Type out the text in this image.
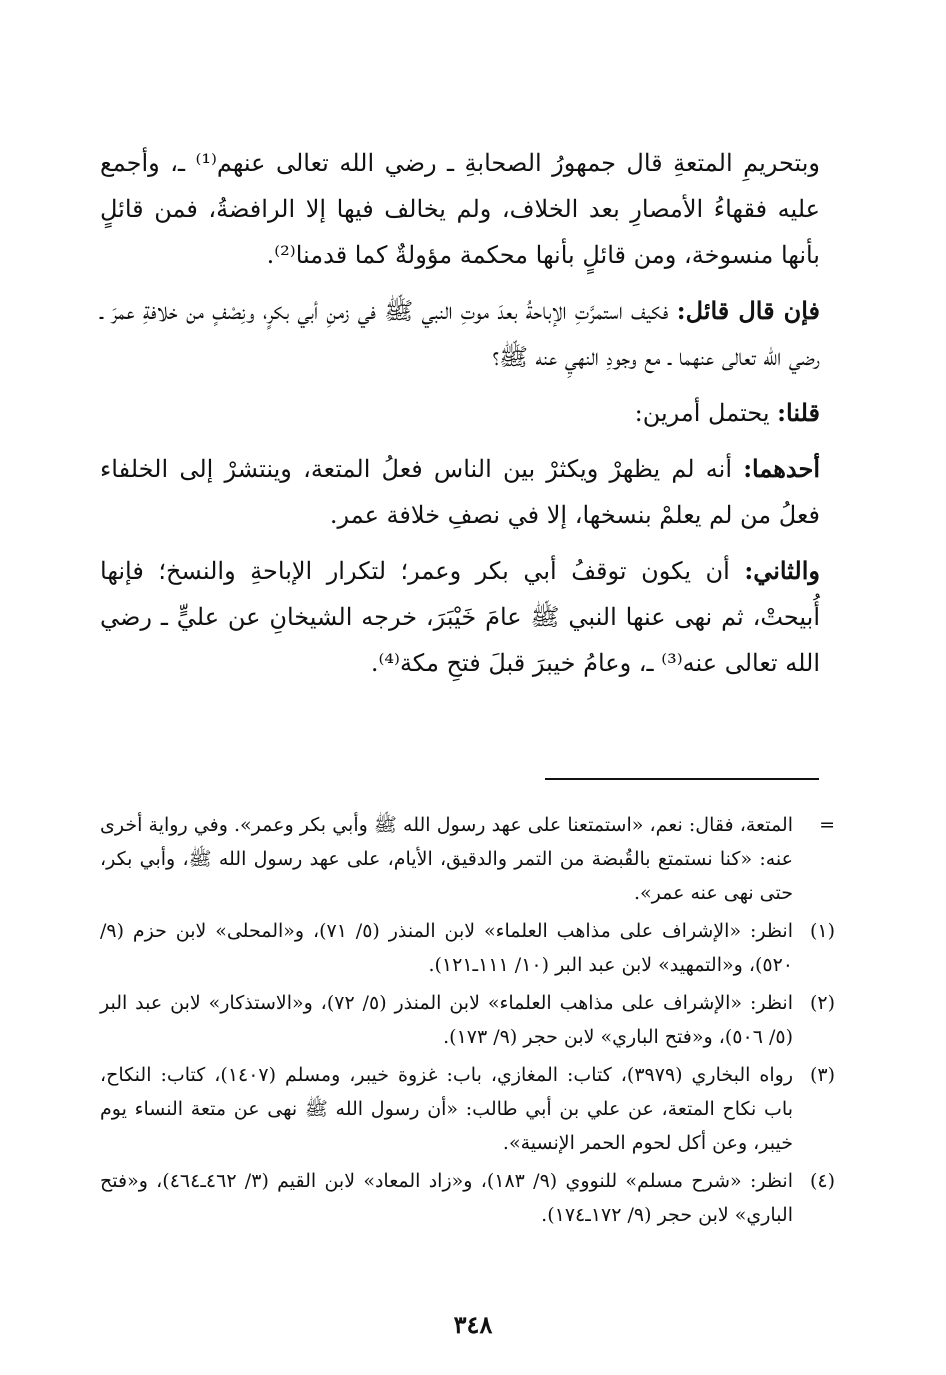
وبتحريمِ المتعةِ قال جمهورُ الصحابةِ ـ رضي الله تعالى عنهم⁽¹⁾ ـ، وأجمع عليه فقهاءُ الأمصارِ بعد الخلاف، ولم يخالف فيها إلا الرافضةُ، فمن قائلٍ بأنها منسوخة، ومن قائلٍ بأنها محكمة مؤولةٌ كما قدمنا⁽²⁾.

فإن قال قائل: فكيف استمرَّتِ الإباحةُ بعدَ موتِ النبي ﷺ في زمنِ أبي بكرٍ، ونِصْفٍ من خلافةِ عمرَ ـ رضي الله تعالى عنهما ـ مع وجودِ النهيِ عنه ﷺ؟

قلنا: يحتمل أمرين:

أحدهما: أنه لم يظهرْ ويكثرْ بين الناس فعلُ المتعة، وينتشرْ إلى الخلفاء فعلُ من لم يعلمْ بنسخها، إلا في نصفِ خلافة عمر.

والثاني: أن يكون توقفُ أبي بكر وعمر؛ لتكرار الإباحةِ والنسخ؛ فإنها أُبيحتْ، ثم نهى عنها النبي ﷺ عامَ خَيْبَرَ، خرجه الشيخانِ عن عليٍّ ـ رضي الله تعالى عنه⁽³⁾ ـ، وعامُ خيبرَ قبلَ فتحِ مكة⁽⁴⁾.

=
المتعة، فقال: نعم، «استمتعنا على عهد رسول الله ﷺ وأبي بكر وعمر». وفي رواية أخرى عنه: «كنا نستمتع بالقُبضة من التمر والدقيق، الأيام، على عهد رسول الله ﷺ، وأبي بكر، حتى نهى عنه عمر».
(١)
انظر: «الإشراف على مذاهب العلماء» لابن المنذر (٥/ ٧١)، و«المحلى» لابن حزم (٩/ ٥٢٠)، و«التمهيد» لابن عبد البر (١٠/ ١١١ـ١٢١).
(٢)
انظر: «الإشراف على مذاهب العلماء» لابن المنذر (٥/ ٧٢)، و«الاستذكار» لابن عبد البر (٥/ ٥٠٦)، و«فتح الباري» لابن حجر (٩/ ١٧٣).
(٣)
رواه البخاري (٣٩٧٩)، كتاب: المغازي، باب: غزوة خيبر، ومسلم (١٤٠٧)، كتاب: النكاح، باب نكاح المتعة، عن علي بن أبي طالب: «أن رسول الله ﷺ نهى عن متعة النساء يوم خيبر، وعن أكل لحوم الحمر الإنسية».
(٤)
انظر: «شرح مسلم» للنووي (٩/ ١٨٣)، و«زاد المعاد» لابن القيم (٣/ ٤٦٢ـ٤٦٤)، و«فتح الباري» لابن حجر (٩/ ١٧٢ـ١٧٤).
٣٤٨
